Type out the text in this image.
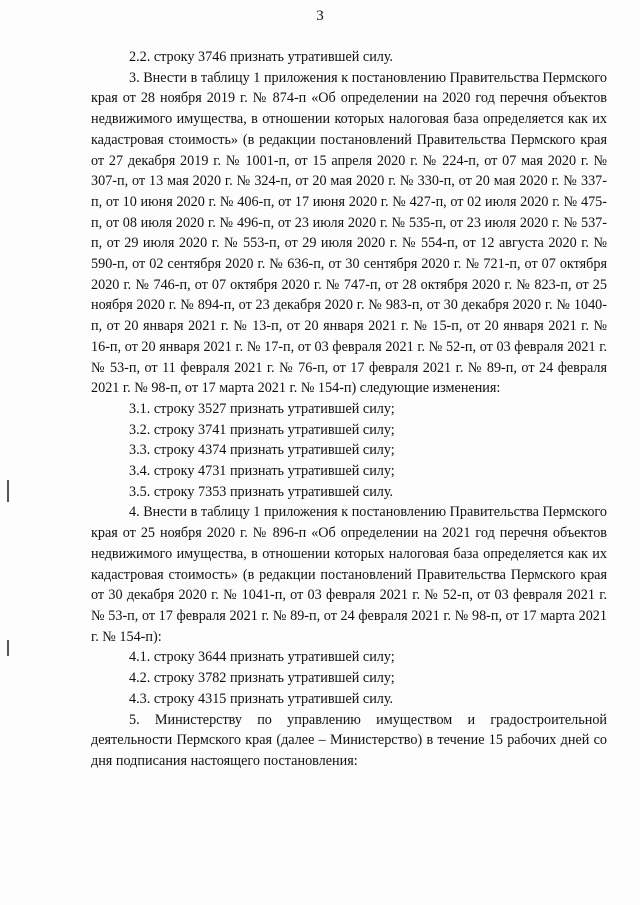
3

2.2. строку 3746 признать утратившей силу.

3. Внести в таблицу 1 приложения к постановлению Правительства Пермского края от 28 ноября 2019 г. № 874-п «Об определении на 2020 год перечня объектов недвижимого имущества, в отношении которых налоговая база определяется как их кадастровая стоимость» (в редакции постановлений Правительства Пермского края от 27 декабря 2019 г. № 1001-п, от 15 апреля 2020 г. № 224-п, от 07 мая 2020 г. № 307-п, от 13 мая 2020 г. № 324-п, от 20 мая 2020 г. № 330-п, от 20 мая 2020 г. № 337-п, от 10 июня 2020 г. № 406-п, от 17 июня 2020 г. № 427-п, от 02 июля 2020 г. № 475-п, от 08 июля 2020 г. № 496-п, от 23 июля 2020 г. № 535-п, от 23 июля 2020 г. № 537-п, от 29 июля 2020 г. № 553-п, от 29 июля 2020 г. № 554-п, от 12 августа 2020 г. № 590-п, от 02 сентября 2020 г. № 636-п, от 30 сентября 2020 г. № 721-п, от 07 октября 2020 г. № 746-п, от 07 октября 2020 г. № 747-п, от 28 октября 2020 г. № 823-п, от 25 ноября 2020 г. № 894-п, от 23 декабря 2020 г. № 983-п, от 30 декабря 2020 г. № 1040-п, от 20 января 2021 г. № 13-п, от 20 января 2021 г. № 15-п, от 20 января 2021 г. № 16-п, от 20 января 2021 г. № 17-п, от 03 февраля 2021 г. № 52-п, от 03 февраля 2021 г. № 53-п, от 11 февраля 2021 г. № 76-п, от 17 февраля 2021 г. № 89-п, от 24 февраля 2021 г. № 98-п, от 17 марта 2021 г. № 154-п) следующие изменения:

3.1. строку 3527 признать утратившей силу;

3.2. строку 3741 признать утратившей силу;

3.3. строку 4374 признать утратившей силу;

3.4. строку 4731 признать утратившей силу;

3.5. строку 7353 признать утратившей силу.

4. Внести в таблицу 1 приложения к постановлению Правительства Пермского края от 25 ноября 2020 г. № 896-п «Об определении на 2021 год перечня объектов недвижимого имущества, в отношении которых налоговая база определяется как их кадастровая стоимость» (в редакции постановлений Правительства Пермского края от 30 декабря 2020 г. № 1041-п, от 03 февраля 2021 г. № 52-п, от 03 февраля 2021 г. № 53-п, от 17 февраля 2021 г. № 89-п, от 24 февраля 2021 г. № 98-п, от 17 марта 2021 г. № 154-п):

4.1. строку 3644 признать утратившей силу;

4.2. строку 3782 признать утратившей силу;

4.3. строку 4315 признать утратившей силу.

5. Министерству по управлению имуществом и градостроительной деятельности Пермского края (далее – Министерство) в течение 15 рабочих дней со дня подписания настоящего постановления:
